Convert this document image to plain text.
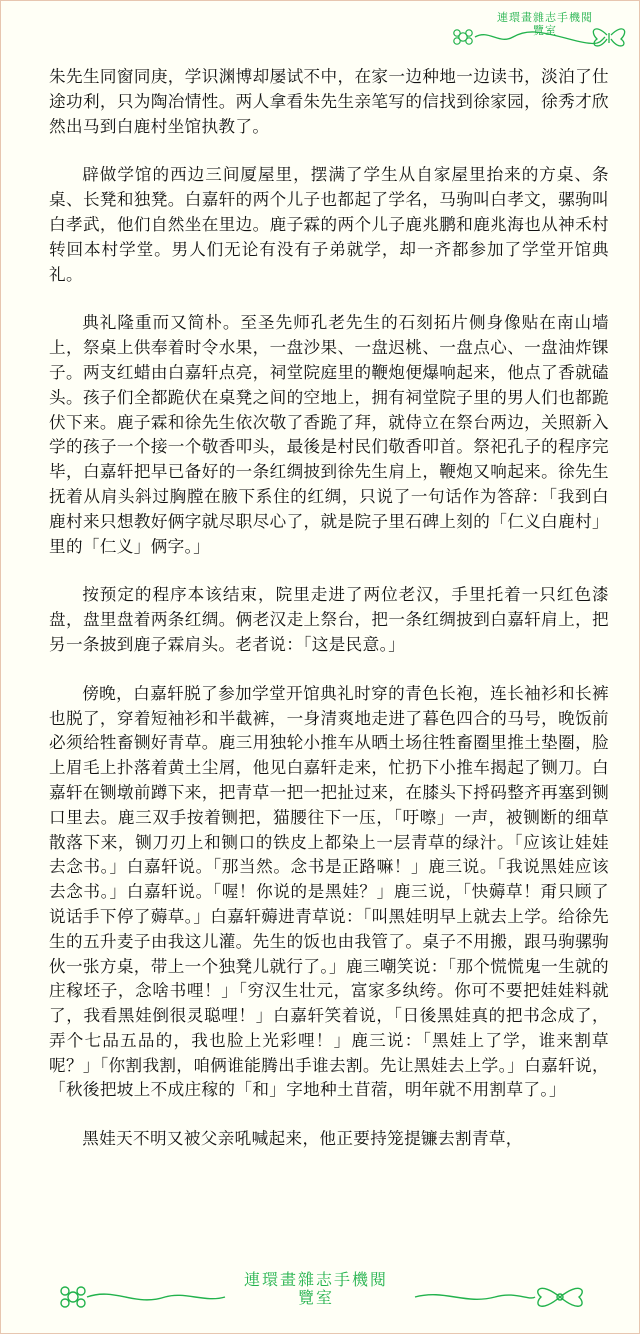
連環畫雜志手機閱
覽室

朱先生同窗同庚，学识渊博却屡试不中，在家一边种地一边读书，淡泊了仕途功利，只为陶冶情性。两人拿看朱先生亲笔写的信找到徐家园，徐秀才欣然出马到白鹿村坐馆执教了。

辟做学馆的西边三间厦屋里，摆满了学生从自家屋里抬来的方桌、条桌、长凳和独凳。白嘉轩的两个儿子也都起了学名，马驹叫白孝文，骡驹叫白孝武，他们自然坐在里边。鹿子霖的两个儿子鹿兆鹏和鹿兆海也从神禾村转回本村学堂。男人们无论有没有子弟就学，却一齐都参加了学堂开馆典礼。

典礼隆重而又简朴。至圣先师孔老先生的石刻拓片侧身像贴在南山墙上，祭桌上供奉着时令水果，一盘沙果、一盘迟桃、一盘点心、一盘油炸锞子。两支红蜡由白嘉轩点亮，祠堂院庭里的鞭炮便爆响起来，他点了香就磕头。孩子们全都跪伏在桌凳之间的空地上，拥有祠堂院子里的男人们也都跪伏下来。鹿子霖和徐先生依次敬了香跪了拜，就侍立在祭台两边，关照新入学的孩子一个接一个敬香叩头，最後是村民们敬香叩首。祭祀孔子的程序完毕，白嘉轩把早已备好的一条红绸披到徐先生肩上，鞭炮又响起来。徐先生抚着从肩头斜过胸膛在腋下系住的红绸，只说了一句话作为答辞：「我到白鹿村来只想教好俩字就尽职尽心了，就是院子里石碑上刻的「仁义白鹿村」里的「仁义」俩字。」

按预定的程序本该结束，院里走进了两位老汉，手里托着一只红色漆盘，盘里盘着两条红绸。俩老汉走上祭台，把一条红绸披到白嘉轩肩上，把另一条披到鹿子霖肩头。老者说：「这是民意。」

傍晚，白嘉轩脱了参加学堂开馆典礼时穿的青色长袍，连长袖衫和长裤也脱了，穿着短袖衫和半截裤，一身清爽地走进了暮色四合的马号，晚饭前必须给牲畜铡好青草。鹿三用独轮小推车从晒土场往牲畜圈里推土垫圈，脸上眉毛上扑落着黄土尘屑，他见白嘉轩走来，忙扔下小推车揭起了铡刀。白嘉轩在铡墩前蹲下来，把青草一把一把扯过来，在膝头下捋码整齐再塞到铡口里去。鹿三双手按着铡把，猫腰往下一压，「吁嚓」一声，被铡断的细草散落下来，铡刀刃上和铡口的铁皮上都染上一层青草的绿汁。「应该让娃娃去念书。」白嘉轩说。「那当然。念书是正路嘛！」鹿三说。「我说黑娃应该去念书。」白嘉轩说。「喔！你说的是黑娃？」鹿三说，「快薅草！甭只顾了说话手下停了薅草。」白嘉轩薅进青草说：「叫黑娃明早上就去上学。给徐先生的五升麦子由我这儿灌。先生的饭也由我管了。桌子不用搬，跟马驹骡驹伙一张方桌，带上一个独凳儿就行了。」鹿三嘲笑说：「那个慌慌鬼一生就的庄稼坯子，念啥书哩！」「穷汉生壮元，富家多纨绔。你可不要把娃娃料就了，我看黑娃倒很灵聪哩！」白嘉轩笑着说，「日後黑娃真的把书念成了，弄个七品五品的，我也脸上光彩哩！」鹿三说：「黑娃上了学，谁来割草呢？」「你割我割，咱俩谁能腾出手谁去割。先让黑娃去上学。」白嘉轩说，「秋後把坡上不成庄稼的「和」字地种土苜蓿，明年就不用割草了。」

黑娃天不明又被父亲吼喊起来，他正要持笼提镰去割青草，

連環畫雜志手機閱
覽室
